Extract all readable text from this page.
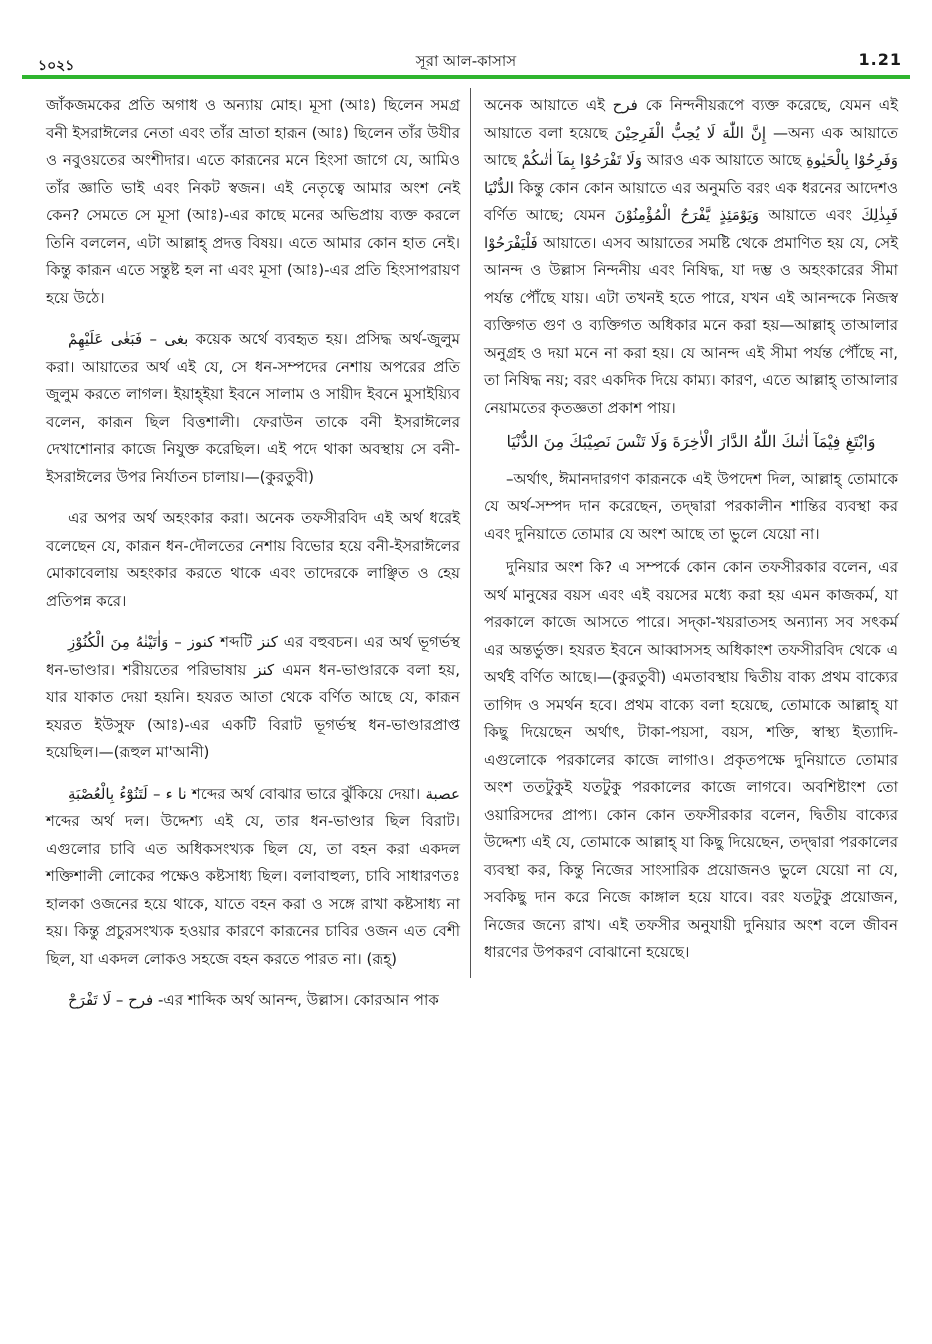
১০২১	সূরা আল-কাসাস	1.21

জাঁকজমকের প্রতি অগাধ ও অন্যায় মোহ। মূসা (আঃ) ছিলেন সমগ্র বনী ইসরাঈলের নেতা এবং তাঁর ভ্রাতা হারূন (আঃ) ছিলেন তাঁর উযীর ও নবুওয়তের অংশীদার। এতে কারূনের মনে হিংসা জাগে যে, আমিও তাঁর জ্ঞাতি ভাই এবং নিকট স্বজন। এই নেতৃত্বে আমার অংশ নেই কেন? সেমতে সে মূসা (আঃ)-এর কাছে মনের অভিপ্রায় ব্যক্ত করলে তিনি বললেন, এটা আল্লাহ্ প্রদত্ত বিষয়। এতে আমার কোন হাত নেই। কিন্তু কারূন এতে সন্তুষ্ট হল না এবং মূসা (আঃ)-এর প্রতি হিংসাপরায়ণ হয়ে উঠে।

فَبَغٰى عَلَيْهِمْ – بغى কয়েক অর্থে ব্যবহৃত হয়। প্রসিদ্ধ অর্থ-জুলুম করা। আয়াতের অর্থ এই যে, সে ধন-সম্পদের নেশায় অপরের প্রতি জুলুম করতে লাগল। ইয়াহ্ইয়া ইবনে সালাম ও সায়ীদ ইবনে মুসাইয়্যিব বলেন, কারূন ছিল বিত্তশালী। ফেরাউন তাকে বনী ইসরাঈলের দেখাশোনার কাজে নিযুক্ত করেছিল। এই পদে থাকা অবস্থায় সে বনী-ইসরাঈলের উপর নির্যাতন চালায়।—(কুরতুবী)

এর অপর অর্থ অহংকার করা। অনেক তফসীরবিদ এই অর্থ ধরেই বলেছেন যে, কারূন ধন-দৌলতের নেশায় বিভোর হয়ে বনী-ইসরাঈলের মোকাবেলায় অহংকার করতে থাকে এবং তাদেরকে লাঞ্ছিত ও হেয় প্রতিপন্ন করে।

وَاٰتَيْنٰهُ مِنَ الْكُنُوْزِ – كنوز শব্দটি كنز এর বহুবচন। এর অর্থ ভূগর্ভস্থ ধন-ভাণ্ডার। শরীয়তের পরিভাষায় كنز এমন ধন-ভাণ্ডারকে বলা হয়, যার যাকাত দেয়া হয়নি। হযরত আতা থেকে বর্ণিত আছে যে, কারূন হযরত ইউসুফ (আঃ)-এর একটি বিরাট ভূগর্ভস্থ ধন-ভাণ্ডারপ্রাপ্ত হয়েছিল।—(রূহুল মা'আনী)

لَتَنُوْٓءُ بِالْعُصْبَةِ – نا ء শব্দের অর্থ বোঝার ভারে ঝুঁকিয়ে দেয়া। عصبة শব্দের অর্থ দল। উদ্দেশ্য এই যে, তার ধন-ভাণ্ডার ছিল বিরাট। এগুলোর চাবি এত অধিকসংখ্যক ছিল যে, তা বহন করা একদল শক্তিশালী লোকের পক্ষেও কষ্টসাধ্য ছিল। বলাবাহুল্য, চাবি সাধারণতঃ হালকা ওজনের হয়ে থাকে, যাতে বহন করা ও সঙ্গে রাখা কষ্টসাধ্য না হয়। কিন্তু প্রচুরসংখ্যক হওয়ার কারণে কারূনের চাবির ওজন এত বেশী ছিল, যা একদল লোকও সহজে বহন করতে পারত না। (রূহ্)

لَا تَفْرَحْ – فرح -এর শাব্দিক অর্থ আনন্দ, উল্লাস। কোরআন পাক

অনেক আয়াতে এই فرح কে নিন্দনীয়রূপে ব্যক্ত করেছে, যেমন এই আয়াতে বলা হয়েছে إِنَّ اللّٰهَ لَا يُحِبُّ الْفَرِحِيْنَ —অন্য এক আয়াতে আছে وَلَا تَفْرَحُوْا بِمَآ اٰتٰىكُمْ আরও এক আয়াতে আছে وَفَرِحُوْا بِالْحَيٰوةِ الدُّنْيَا কিন্তু কোন কোন আয়াতে এর অনুমতি বরং এক ধরনের আদেশও বর্ণিত আছে; যেমন وَيَوْمَئِذٍ يَّفْرَحُ الْمُؤْمِنُوْنَ আয়াতে এবং فَبِذٰلِكَ فَلْيَفْرَحُوْا আয়াতে। এসব আয়াতের সমষ্টি থেকে প্রমাণিত হয় যে, সেই আনন্দ ও উল্লাস নিন্দনীয় এবং নিষিদ্ধ, যা দম্ভ ও অহংকারের সীমা পর্যন্ত পৌঁছে যায়। এটা তখনই হতে পারে, যখন এই আনন্দকে নিজস্ব ব্যক্তিগত গুণ ও ব্যক্তিগত অধিকার মনে করা হয়—আল্লাহ্ তাআলার অনুগ্রহ ও দয়া মনে না করা হয়। যে আনন্দ এই সীমা পর্যন্ত পৌঁছে না, তা নিষিদ্ধ নয়; বরং একদিক দিয়ে কাম্য। কারণ, এতে আল্লাহ্ তাআলার নেয়ামতের কৃতজ্ঞতা প্রকাশ পায়।

وَابْتَغِ فِيْمَآ اٰتٰىكَ اللّٰهُ الدَّارَ الْاٰخِرَةَ وَلَا تَنْسَ نَصِيْبَكَ مِنَ الدُّنْيَا

–অর্থাৎ, ঈমানদারগণ কারূনকে এই উপদেশ দিল, আল্লাহ্ তোমাকে যে অর্থ-সম্পদ দান করেছেন, তদ্দ্বারা পরকালীন শান্তির ব্যবস্থা কর এবং দুনিয়াতে তোমার যে অংশ আছে তা ভুলে যেয়ো না।

দুনিয়ার অংশ কি? এ সম্পর্কে কোন কোন তফসীরকার বলেন, এর অর্থ মানুষের বয়স এবং এই বয়সের মধ্যে করা হয় এমন কাজকর্ম, যা পরকালে কাজে আসতে পারে। সদ্কা-খয়রাতসহ অন্যান্য সব সৎকর্ম এর অন্তর্ভুক্ত। হযরত ইবনে আব্বাসসহ অধিকাংশ তফসীরবিদ থেকে এ অর্থই বর্ণিত আছে।—(কুরতুবী) এমতাবস্থায় দ্বিতীয় বাক্য প্রথম বাক্যের তাগিদ ও সমর্থন হবে। প্রথম বাক্যে বলা হয়েছে, তোমাকে আল্লাহ্ যা কিছু দিয়েছেন অর্থাৎ, টাকা-পয়সা, বয়স, শক্তি, স্বাস্থ্য ইত্যাদি-এগুলোকে পরকালের কাজে লাগাও। প্রকৃতপক্ষে দুনিয়াতে তোমার অংশ ততটুকুই যতটুকু পরকালের কাজে লাগবে। অবশিষ্টাংশ তো ওয়ারিসদের প্রাপ্য। কোন কোন তফসীরকার বলেন, দ্বিতীয় বাক্যের উদ্দেশ্য এই যে, তোমাকে আল্লাহ্ যা কিছু দিয়েছেন, তদ্দ্বারা পরকালের ব্যবস্থা কর, কিন্তু নিজের সাংসারিক প্রয়োজনও ভুলে যেয়ো না যে, সবকিছু দান করে নিজে কাঙ্গাল হয়ে যাবে। বরং যতটুকু প্রয়োজন, নিজের জন্যে রাখ। এই তফসীর অনুযায়ী দুনিয়ার অংশ বলে জীবন ধারণের উপকরণ বোঝানো হয়েছে।
